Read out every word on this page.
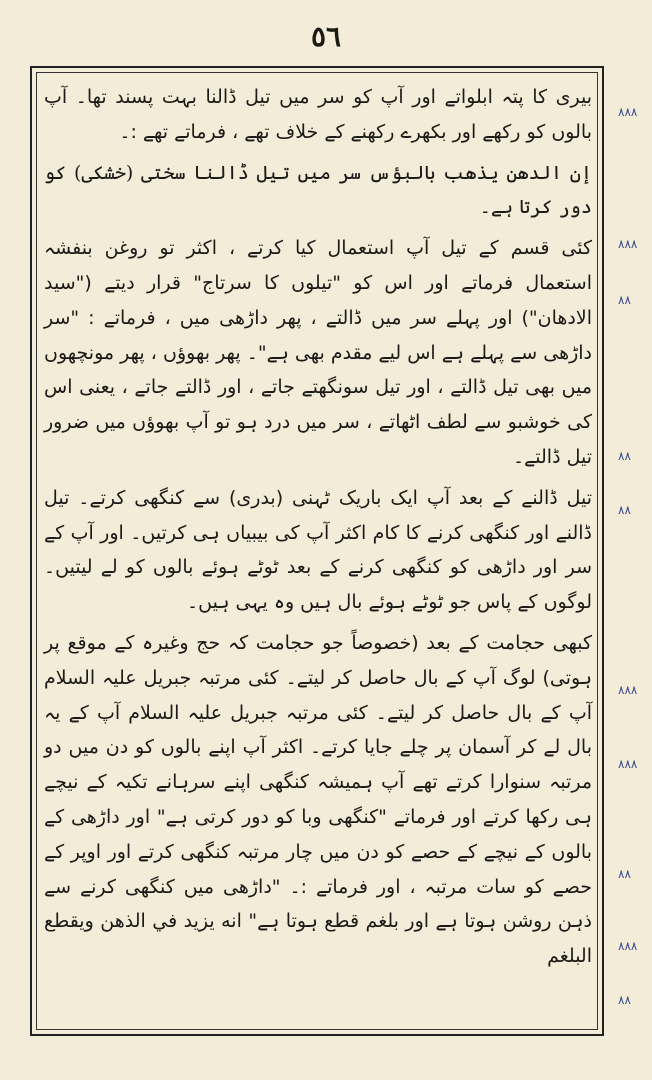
٥٦

بیری کا پتہ ابلواتے اور آپ کو سر میں تیل ڈالنا بہت پسند تھا۔ آپ بالوں کو رکھے اور بکھرے رکھنے کے خلاف تھے ، فرماتے تھے :۔

إن الدهن يذهب بالبؤس سر میں تیل ڈالنا سختی (خشکی) کو دور کرتا ہے۔

کئی قسم کے تیل آپ استعمال کیا کرتے ، اکثر تو روغن بنفشہ استعمال فرماتے اور اس کو "تیلوں کا سرتاج" قرار دیتے ("سید الادھان") اور پہلے سر میں ڈالتے ، پھر داڑھی میں ، فرماتے : "سر داڑھی سے پہلے ہے اس لیے مقدم بھی ہے"۔ پھر بھوؤں ، پھر مونچھوں میں بھی تیل ڈالتے ، اور تیل سونگھتے جاتے ، اور ڈالتے جاتے ، یعنی اس کی خوشبو سے لطف اٹھاتے ، سر میں درد ہو تو آپ بھوؤں میں ضرور تیل ڈالتے۔

تیل ڈالنے کے بعد آپ ایک باریک ٹہنی (بدری) سے کنگھی کرتے۔ تیل ڈالنے اور کنگھی کرنے کا کام اکثر آپ کی بیبیاں ہی کرتیں۔ اور آپ کے سر اور داڑھی کو کنگھی کرنے کے بعد ٹوٹے ہوئے بالوں کو لے لیتیں۔ لوگوں کے پاس جو ٹوٹے ہوئے بال ہیں وہ یہی ہیں۔

کبھی حجامت کے بعد (خصوصاً جو حجامت کہ حج وغیرہ کے موقع پر ہوتی) لوگ آپ کے بال حاصل کر لیتے۔ کئی مرتبہ جبریل علیہ السلام آپ کے بال حاصل کر لیتے۔ کئی مرتبہ جبریل علیہ السلام آپ کے یہ بال لے کر آسمان پر چلے جایا کرتے۔ اکثر آپ اپنے بالوں کو دن میں دو مرتبہ سنوارا کرتے تھے آپ ہمیشہ کنگھی اپنے سرہانے تکیہ کے نیچے ہی رکھا کرتے اور فرماتے "کنگھی وبا کو دور کرتی ہے" اور داڑھی کے بالوں کے نیچے کے حصے کو دن میں چار مرتبہ کنگھی کرتے اور اوپر کے حصے کو سات مرتبہ ، اور فرماتے :۔ "داڑھی میں کنگھی کرنے سے ذہن روشن ہوتا ہے اور بلغم قطع ہوتا ہے" انه يزيد في الذهن ويقطع البلغم

٨٨٨
٨٨٨
٨٨
٨٨
٨٨
٨٨٨
٨٨٨
٨٨
٨٨٨
٨٨
